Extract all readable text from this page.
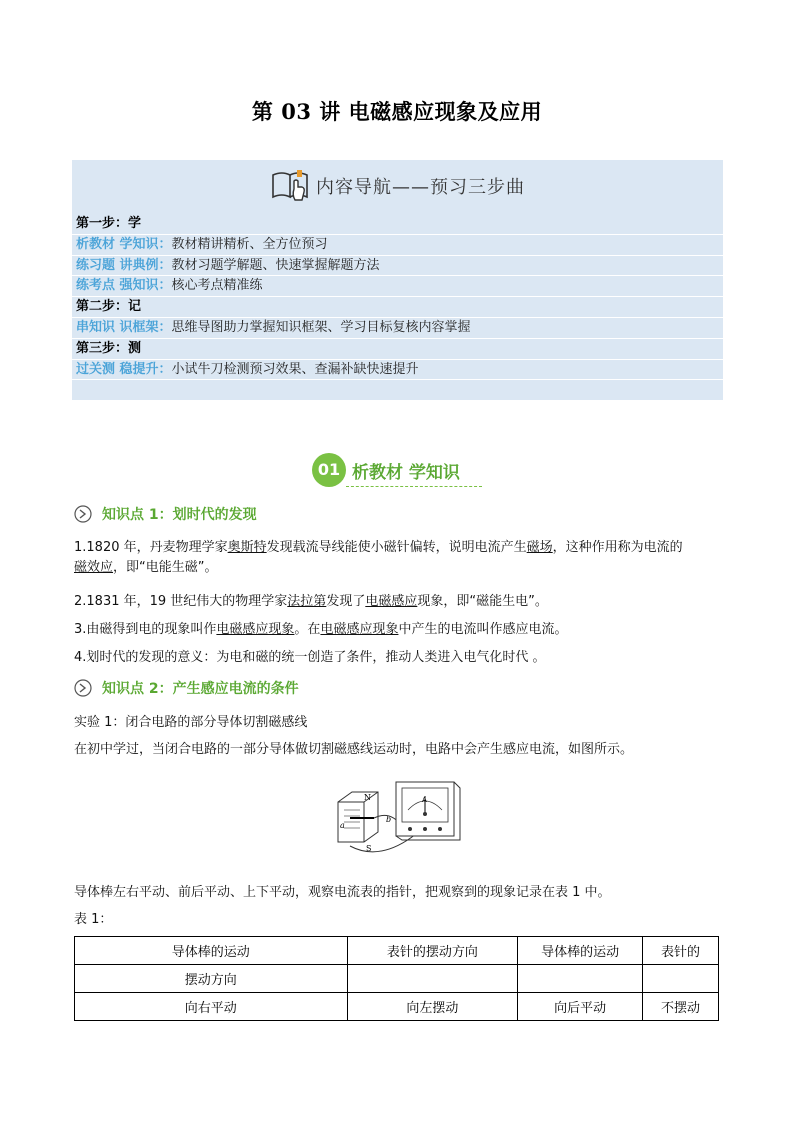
第 03 讲 电磁感应现象及应用
内容导航——预习三步曲
第一步：学
析教材 学知识：教材精讲精析、全方位预习
练习题 讲典例：教材习题学解题、快速掌握解题方法
练考点 强知识：核心考点精准练
第二步：记
串知识 识框架：思维导图助力掌握知识框架、学习目标复核内容掌握
第三步：测
过关测 稳提升：小试牛刀检测预习效果、查漏补缺快速提升
01 析教材 学知识
知识点 1：划时代的发现
1.1820 年，丹麦物理学家奥斯特发现载流导线能使小磁针偏转，说明电流产生磁场，这种作用称为电流的
磁效应，即“电能生磁”。
2.1831 年，19 世纪伟大的物理学家法拉第发现了电磁感应现象，即“磁能生电”。
3.由磁得到电的现象叫作电磁感应现象。在电磁感应现象中产生的电流叫作感应电流。
4.划时代的发现的意义：为电和磁的统一创造了条件，推动人类进入电气化时代 。
知识点 2：产生感应电流的条件
实验 1：闭合电路的部分导体切割磁感线
在初中学过，当闭合电路的一部分导体做切割磁感线运动时，电路中会产生感应电流，如图所示。
N
S
a
b
A
导体棒左右平动、前后平动、上下平动，观察电流表的指针，把观察到的现象记录在表 1 中。
表 1：
导体棒的运动	表针的摆动方向	导体棒的运动	表针的
摆动方向			
向右平动	向左摆动	向后平动	不摆动
